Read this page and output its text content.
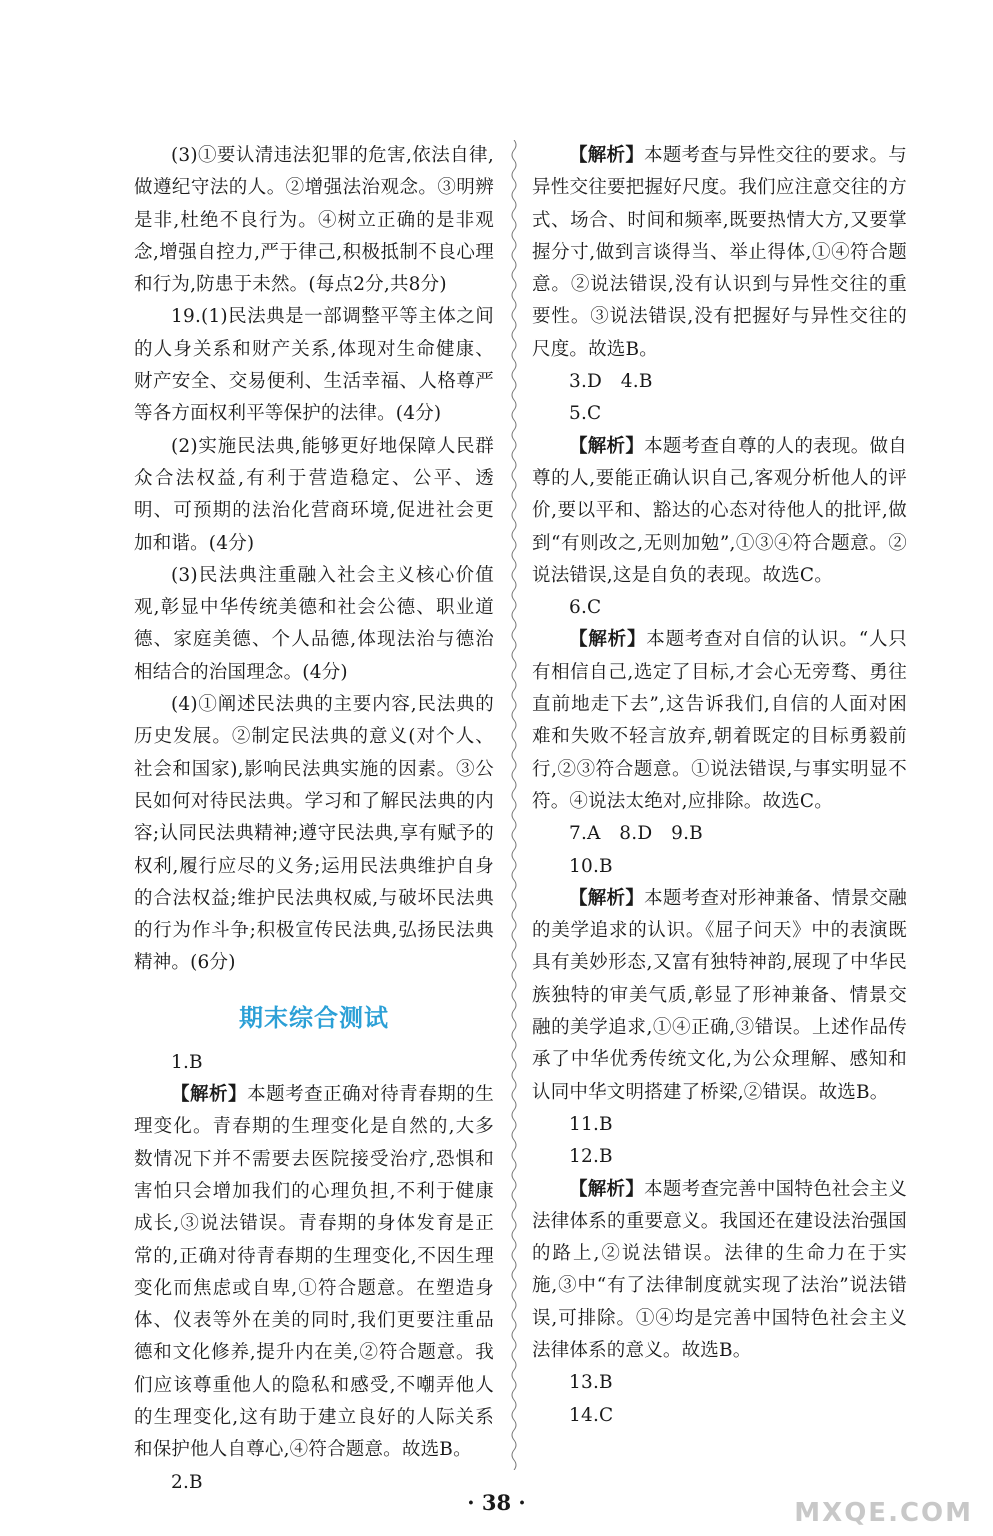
(3)①要认清违法犯罪的危害,依法自律,做遵纪守法的人。②增强法治观念。③明辨是非,杜绝不良行为。④树立正确的是非观念,增强自控力,严于律己,积极抵制不良心理和行为,防患于未然。(每点2分,共8分)

19.(1)民法典是一部调整平等主体之间的人身关系和财产关系,体现对生命健康、财产安全、交易便利、生活幸福、人格尊严等各方面权利平等保护的法律。(4分)

(2)实施民法典,能够更好地保障人民群众合法权益,有利于营造稳定、公平、透明、可预期的法治化营商环境,促进社会更加和谐。(4分)

(3)民法典注重融入社会主义核心价值观,彰显中华传统美德和社会公德、职业道德、家庭美德、个人品德,体现法治与德治相结合的治国理念。(4分)

(4)①阐述民法典的主要内容,民法典的历史发展。②制定民法典的意义(对个人、社会和国家),影响民法典实施的因素。③公民如何对待民法典。学习和了解民法典的内容;认同民法典精神;遵守民法典,享有赋予的权利,履行应尽的义务;运用民法典维护自身的合法权益;维护民法典权威,与破坏民法典的行为作斗争;积极宣传民法典,弘扬民法典精神。(6分)

期末综合测试

1.B

【解析】本题考查正确对待青春期的生理变化。青春期的生理变化是自然的,大多数情况下并不需要去医院接受治疗,恐惧和害怕只会增加我们的心理负担,不利于健康成长,③说法错误。青春期的身体发育是正常的,正确对待青春期的生理变化,不因生理变化而焦虑或自卑,①符合题意。在塑造身体、仪表等外在美的同时,我们更要注重品德和文化修养,提升内在美,②符合题意。我们应该尊重他人的隐私和感受,不嘲弄他人的生理变化,这有助于建立良好的人际关系和保护他人自尊心,④符合题意。故选B。

2.B

【解析】本题考查与异性交往的要求。与异性交往要把握好尺度。我们应注意交往的方式、场合、时间和频率,既要热情大方,又要掌握分寸,做到言谈得当、举止得体,①④符合题意。②说法错误,没有认识到与异性交往的重要性。③说法错误,没有把握好与异性交往的尺度。故选B。

3.D　4.B

5.C

【解析】本题考查自尊的人的表现。做自尊的人,要能正确认识自己,客观分析他人的评价,要以平和、豁达的心态对待他人的批评,做到“有则改之,无则加勉”,①③④符合题意。②说法错误,这是自负的表现。故选C。

6.C

【解析】本题考查对自信的认识。“人只有相信自己,选定了目标,才会心无旁骛、勇往直前地走下去”,这告诉我们,自信的人面对困难和失败不轻言放弃,朝着既定的目标勇毅前行,②③符合题意。①说法错误,与事实明显不符。④说法太绝对,应排除。故选C。

7.A　8.D　9.B

10.B

【解析】本题考查对形神兼备、情景交融的美学追求的认识。《屈子问天》中的表演既具有美妙形态,又富有独特神韵,展现了中华民族独特的审美气质,彰显了形神兼备、情景交融的美学追求,①④正确,③错误。上述作品传承了中华优秀传统文化,为公众理解、感知和认同中华文明搭建了桥梁,②错误。故选B。

11.B

12.B

【解析】本题考查完善中国特色社会主义法律体系的重要意义。我国还在建设法治强国的路上,②说法错误。法律的生命力在于实施,③中“有了法律制度就实现了法治”说法错误,可排除。①④均是完善中国特色社会主义法律体系的意义。故选B。

13.B

14.C

· 38 ·	MXQE.COM
